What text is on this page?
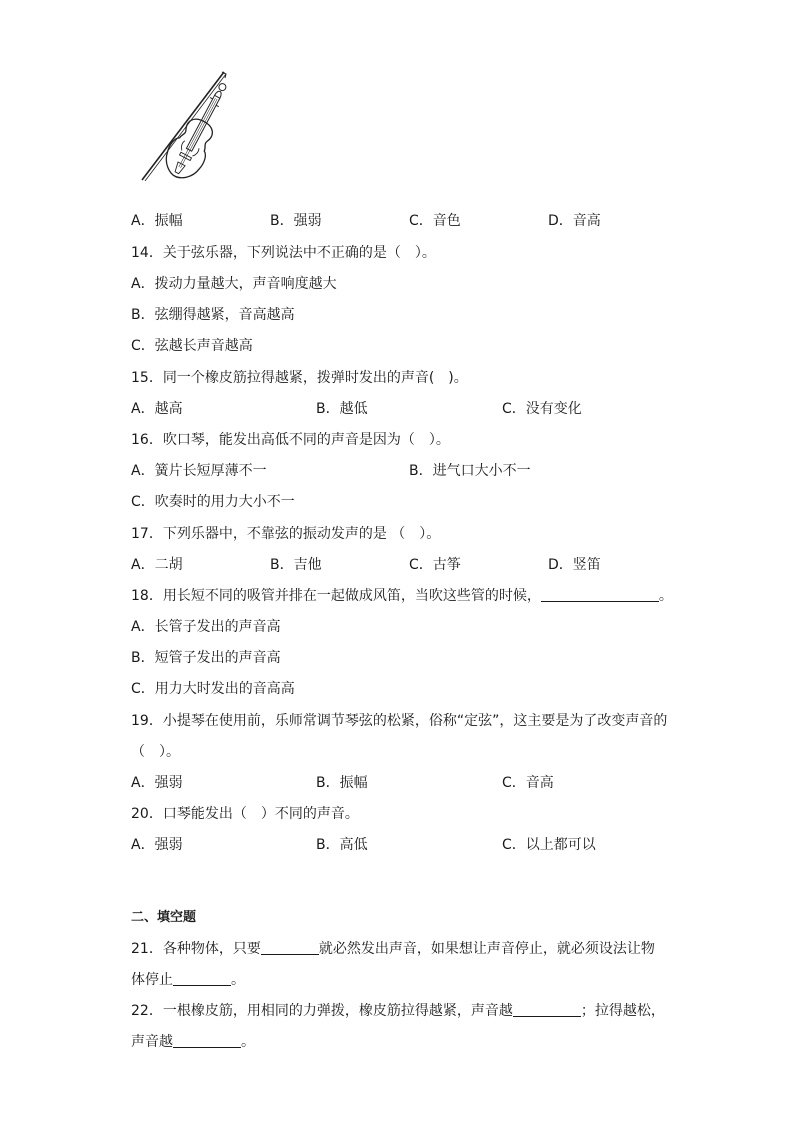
A．振幅	B．强弱	C．音色	D．音高
14．关于弦乐器，下列说法中不正确的是（　）。
A．拨动力量越大，声音响度越大
B．弦绷得越紧，音高越高
C．弦越长声音越高
15．同一个橡皮筋拉得越紧，拨弹时发出的声音(　)。
A．越高	B．越低	C．没有变化
16．吹口琴，能发出高低不同的声音是因为（　）。
A．簧片长短厚薄不一	B．进气口大小不一
C．吹奏时的用力大小不一
17．下列乐器中，不靠弦的振动发声的是 （　）。
A．二胡	B．吉他	C．古筝	D．竖笛
18．用长短不同的吸管并排在一起做成风笛，当吹这些管的时候，	。
A．长管子发出的声音高
B．短管子发出的声音高
C．用力大时发出的音高高
19．小提琴在使用前，乐师常调节琴弦的松紧，俗称“定弦”，这主要是为了改变声音的
（　）。
A．强弱	B．振幅	C．音高
20．口琴能发出（　）不同的声音。
A．强弱	B．高低	C．以上都可以
二、填空题
21．各种物体，只要	就必然发出声音，如果想让声音停止，就必须设法让物
体停止	。
22．一根橡皮筋，用相同的力弹拨，橡皮筋拉得越紧，声音越	；拉得越松，
声音越	。
